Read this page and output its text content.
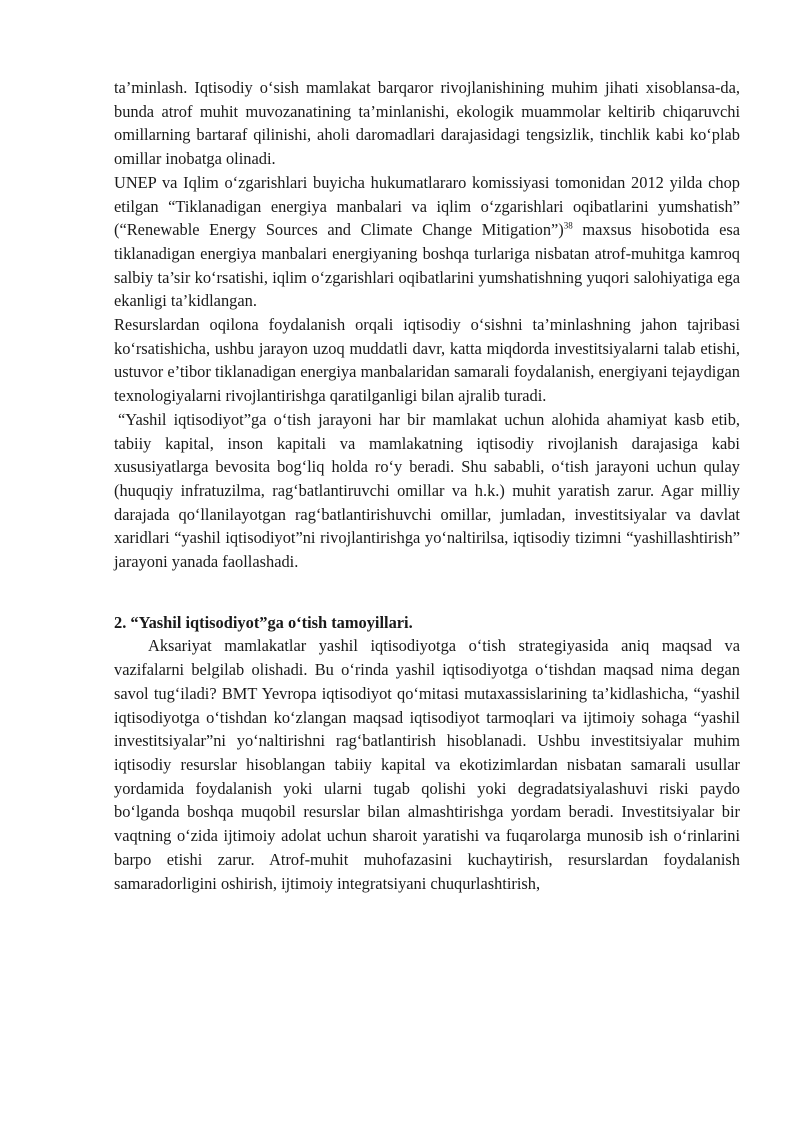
ta’minlash. Iqtisodiy o‘sish mamlakat barqaror rivojlanishining muhim jihati xisoblansa-da, bunda atrof muhit muvozanatining ta’minlanishi, ekologik muammolar keltirib chiqaruvchi omillarning bartaraf qilinishi, aholi daromadlari darajasidagi tengsizlik, tinchlik kabi ko‘plab omillar inobatga olinadi.

UNEP va Iqlim o‘zgarishlari buyicha hukumatlararo komissiyasi tomonidan 2012 yilda chop etilgan “Tiklanadigan energiya manbalari va iqlim o‘zgarishlari oqibatlarini yumshatish” (“Renewable Energy Sources and Climate Change Mitigation”)$^{38}$ maxsus hisobotida esa tiklanadigan energiya manbalari energiyaning boshqa turlariga nisbatan atrof-muhitga kamroq salbiy ta’sir ko‘rsatishi, iqlim o‘zgarishlari oqibatlarini yumshatishning yuqori salohiyatiga ega ekanligi ta’kidlangan.

Resurslardan oqilona foydalanish orqali iqtisodiy o‘sishni ta’minlashning jahon tajribasi ko‘rsatishicha, ushbu jarayon uzoq muddatli davr, katta miqdorda investitsiyalarni talab etishi, ustuvor e’tibor tiklanadigan energiya manbalaridan samarali foydalanish, energiyani tejaydigan texnologiyalarni rivojlantirishga qaratilganligi bilan ajralib turadi.

“Yashil iqtisodiyot”ga o‘tish jarayoni har bir mamlakat uchun alohida ahamiyat kasb etib, tabiiy kapital, inson kapitali va mamlakatning iqtisodiy rivojlanish darajasiga kabi xususiyatlarga bevosita bog‘liq holda ro‘y beradi. Shu sababli, o‘tish jarayoni uchun qulay (huquqiy infratuzilma, rag‘batlantiruvchi omillar va h.k.) muhit yaratish zarur. Agar milliy darajada qo‘llanilayotgan rag‘batlantirishuvchi omillar, jumladan, investitsiyalar va davlat xaridlari “yashil iqtisodiyot”ni rivojlantirishga yo‘naltirilsa, iqtisodiy tizimni “yashillashtirish” jarayoni yanada faollashadi.

2. “Yashil iqtisodiyot”ga o‘tish tamoyillari.

Aksariyat mamlakatlar yashil iqtisodiyotga o‘tish strategiyasida aniq maqsad va vazifalarni belgilab olishadi. Bu o‘rinda yashil iqtisodiyotga o‘tishdan maqsad nima degan savol tug‘iladi? BMT Yevropa iqtisodiyot qo‘mitasi mutaxassislarining ta’kidlashicha, “yashil iqtisodiyotga o‘tishdan ko‘zlangan maqsad iqtisodiyot tarmoqlari va ijtimoiy sohaga “yashil investitsiyalar”ni yo‘naltirishni rag‘batlantirish hisoblanadi. Ushbu investitsiyalar muhim iqtisodiy resurslar hisoblangan tabiiy kapital va ekotizimlardan nisbatan samarali usullar yordamida foydalanish yoki ularni tugab qolishi yoki degradatsiyalashuvi riski paydo bo‘lganda boshqa muqobil resurslar bilan almashtirishga yordam beradi. Investitsiyalar bir vaqtning o‘zida ijtimoiy adolat uchun sharoit yaratishi va fuqarolarga munosib ish o‘rinlarini barpo etishi zarur. Atrof-muhit muhofazasini kuchaytirish, resurslardan foydalanish samaradorligini oshirish, ijtimoiy integratsiyani chuqurlashtirish,
